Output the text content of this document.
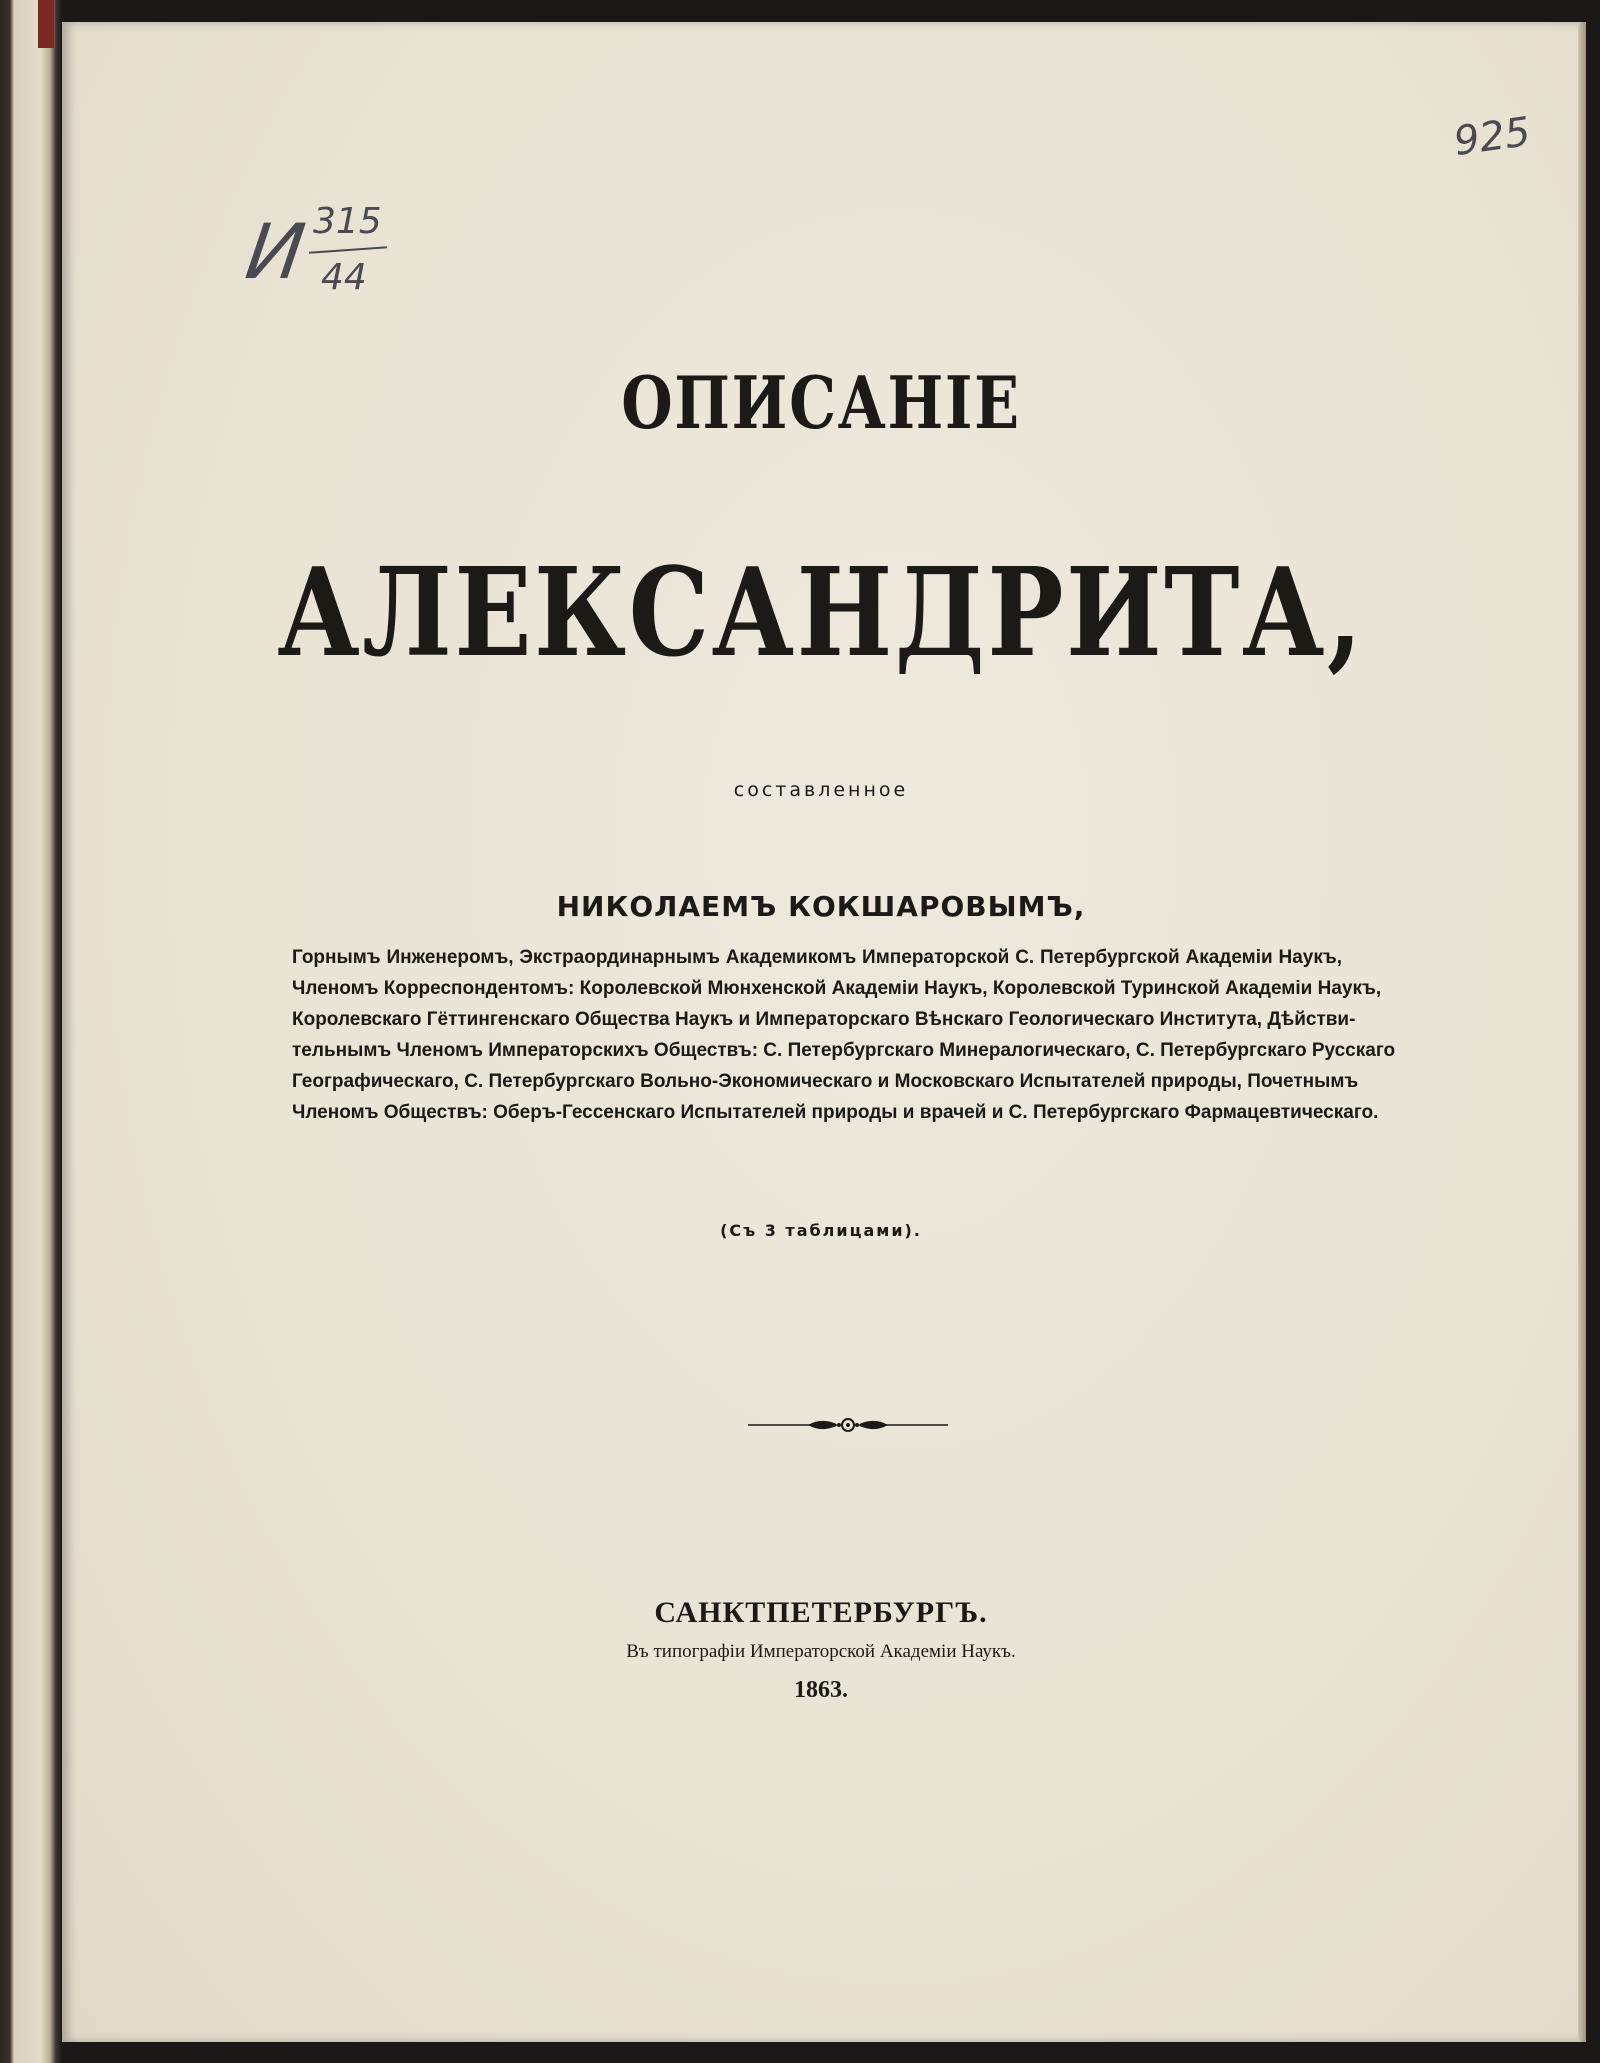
И 315
44
925
ОПИСАНІЕ
АЛЕКСАНДРИТА,

составленное

НИКОЛАЕМЪ КОКШАРОВЫМЪ,

Горнымъ Инженеромъ, Экстраординарнымъ Академикомъ Императорской С. Петербургской Академіи Наукъ,
Членомъ Корреспондентомъ: Королевской Мюнхенской Академіи Наукъ, Королевской Туринской Академіи Наукъ,
Королевскаго Гёттингенскаго Общества Наукъ и Императорскаго Вѣнскаго Геологическаго Института, Дѣйстви-
тельнымъ Членомъ Императорскихъ Обществъ: С. Петербургскаго Минералогическаго, С. Петербургскаго Русскаго
Географическаго, С. Петербургскаго Вольно-Экономическаго и Московскаго Испытателей природы, Почетнымъ
Членомъ Обществъ: Оберъ-Гессенскаго Испытателей природы и врачей и С. Петербургскаго Фармацевтическаго.

(Съ 3 таблицами).

САНКТПЕТЕРБУРГЪ.

Въ типографіи Императорской Академіи Наукъ.

1863.
